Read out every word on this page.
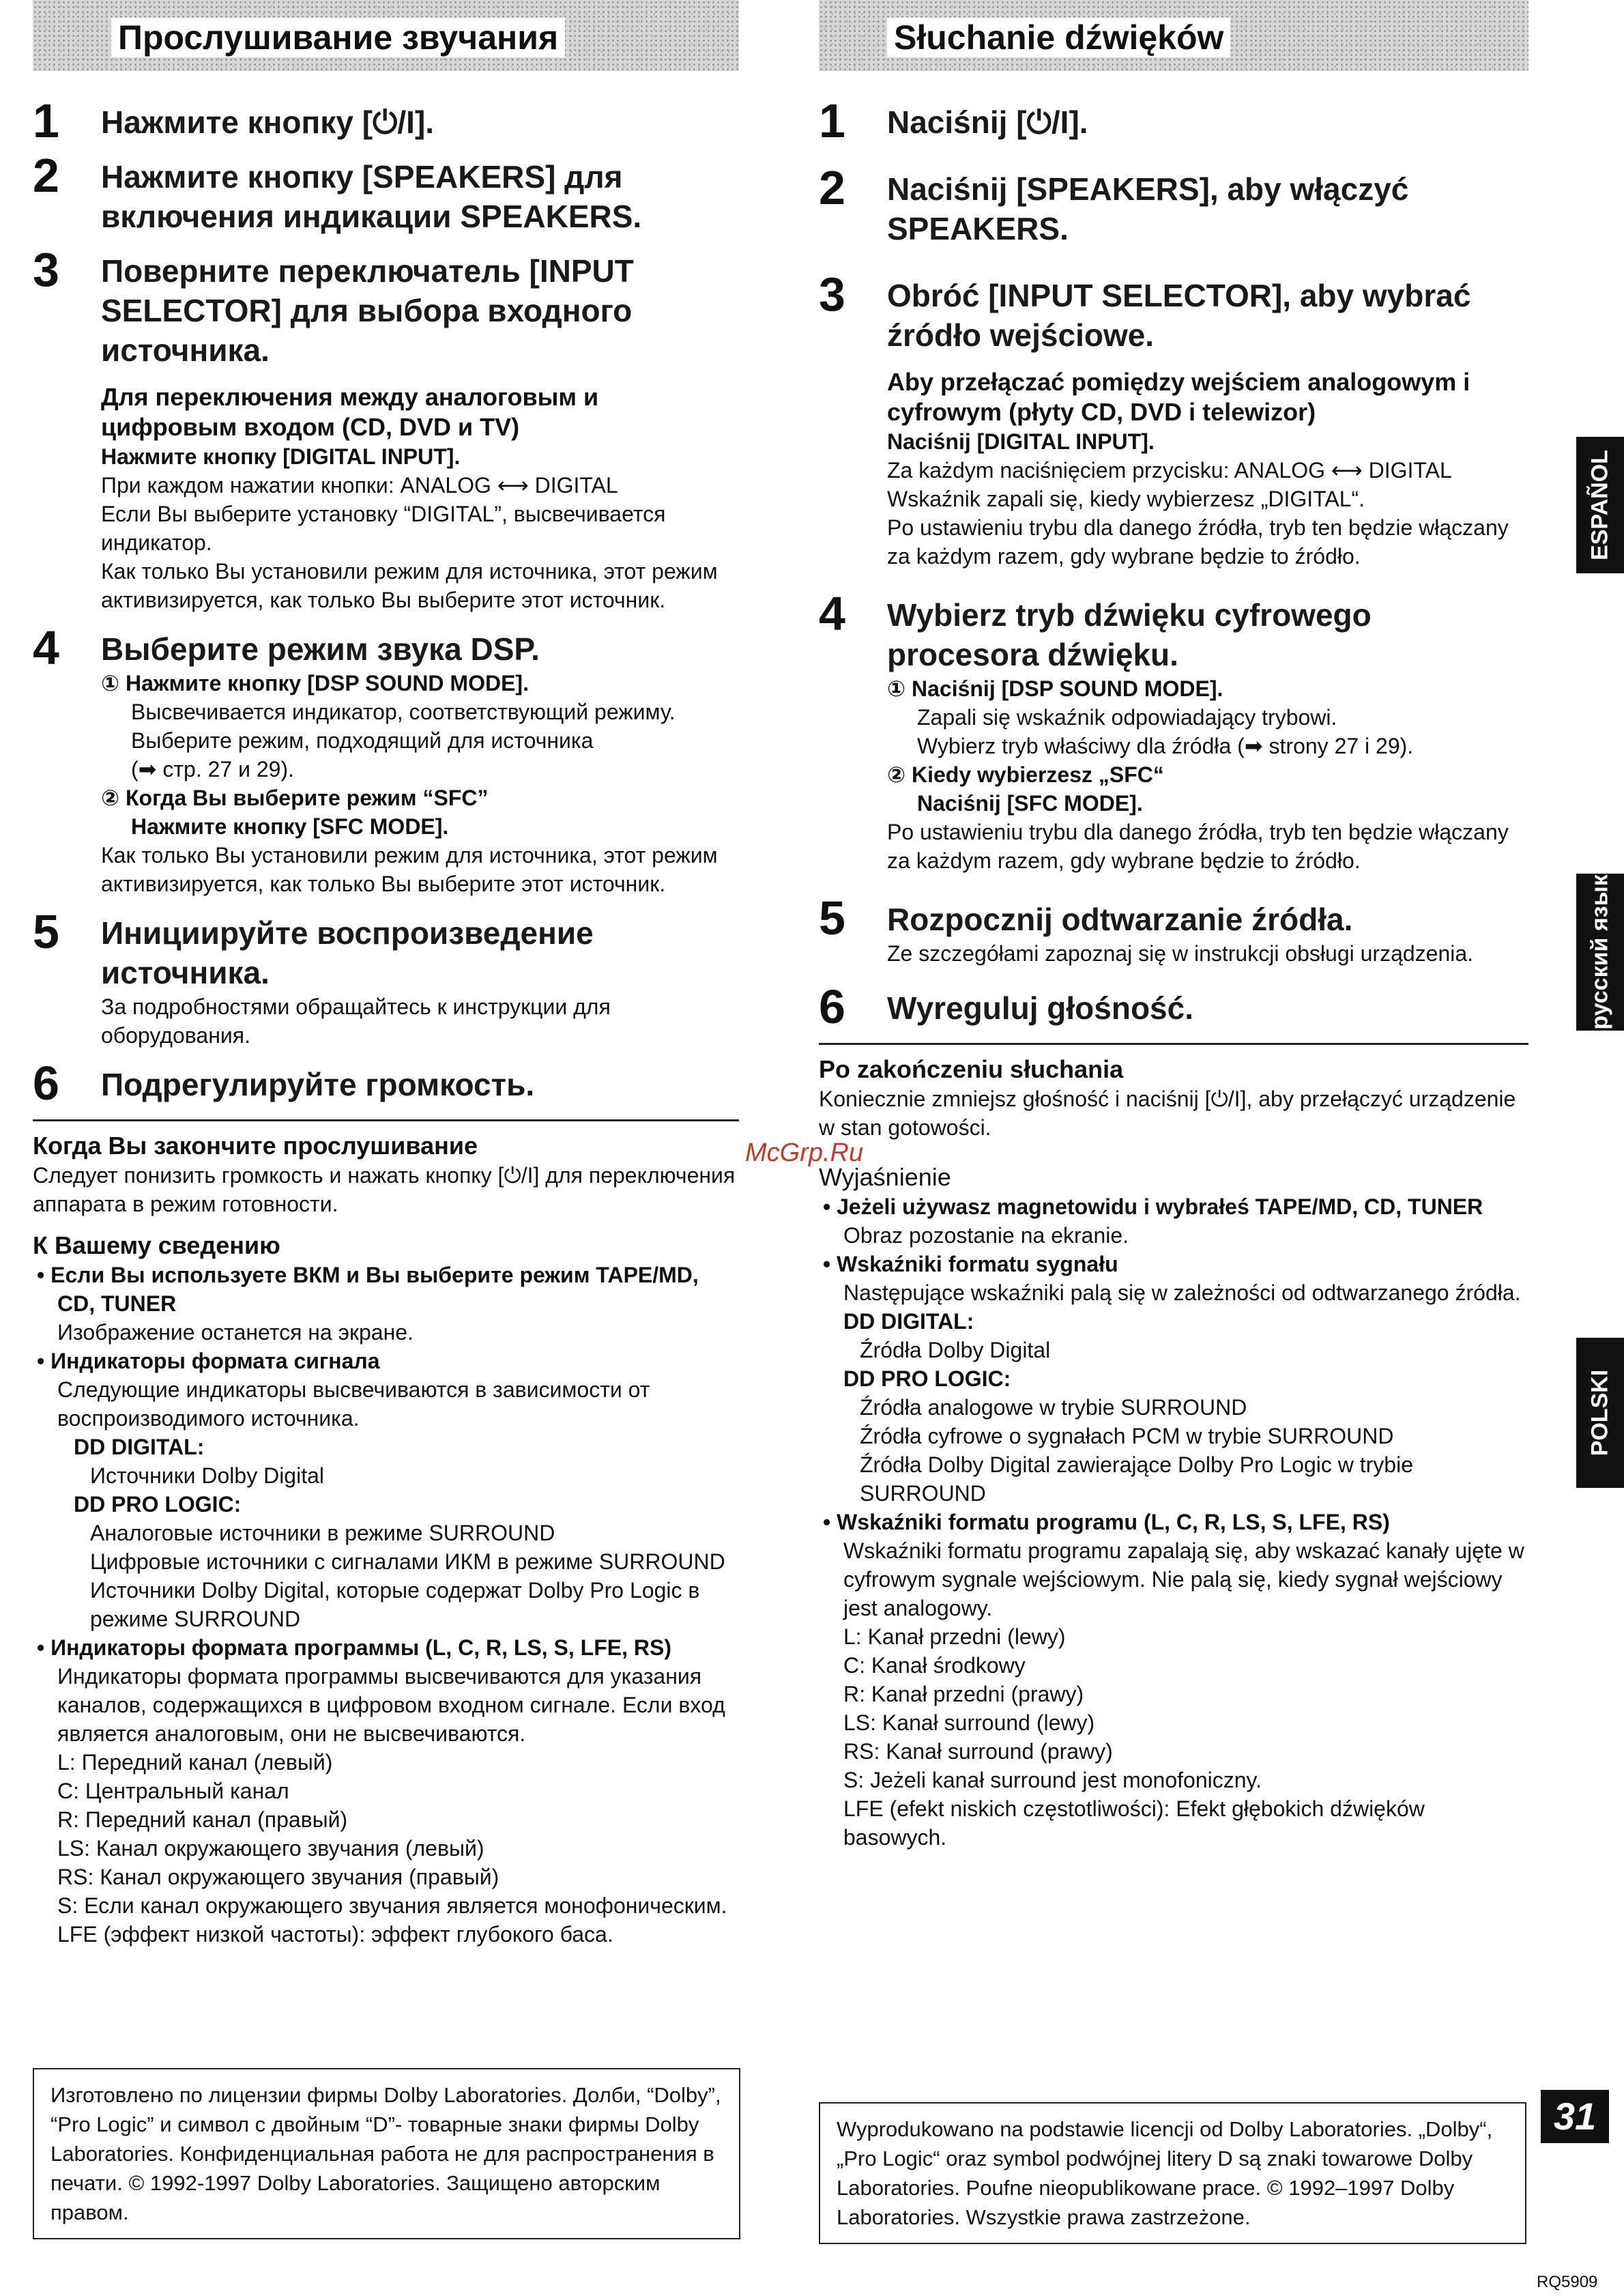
Прослушивание звучания
1 Нажмите кнопку [⏻/I].
2 Нажмите кнопку [SPEAKERS] для включения индикации SPEAKERS.
3 Поверните переключатель [INPUT SELECTOR] для выбора входного источника.
Для переключения между аналоговым и цифровым входом (CD, DVD и TV)
Нажмите кнопку [DIGITAL INPUT].
При каждом нажатии кнопки: ANALOG ⟷ DIGITAL
Если Вы выберите установку “DIGITAL”, высвечивается индикатор.
Как только Вы установили режим для источника, этот режим активизируется, как только Вы выберите этот источник.
4 Выберите режим звука DSP.
① Нажмите кнопку [DSP SOUND MODE].
Высвечивается индикатор, соответствующий режиму.
Выберите режим, подходящий для источника
(➡ стр. 27 и 29).
② Когда Вы выберите режим “SFC”
Нажмите кнопку [SFC MODE].
Как только Вы установили режим для источника, этот режим активизируется, как только Вы выберите этот источник.
5 Инициируйте воспроизведение источника.
За подробностями обращайтесь к инструкции для оборудования.
6 Подрегулируйте громкость.
Когда Вы закончите прослушивание
Следует понизить громкость и нажать кнопку [⏻/I] для переключения аппарата в режим готовности.
К Вашему сведению
• Если Вы используете ВКМ и Вы выберите режим TAPE/MD, CD, TUNER
Изображение останется на экране.
• Индикаторы формата сигнала
Следующие индикаторы высвечиваются в зависимости от воспроизводимого источника.
DD DIGITAL:
Источники Dolby Digital
DD PRO LOGIC:
Аналоговые источники в режиме SURROUND
Цифровые источники с сигналами ИКМ в режиме SURROUND
Источники Dolby Digital, которые содержат Dolby Pro Logic в режиме SURROUND
• Индикаторы формата программы (L, C, R, LS, S, LFE, RS)
Индикаторы формата программы высвечиваются для указания каналов, содержащихся в цифровом входном сигнале. Если вход является аналоговым, они не высвечиваются.
L: Передний канал (левый)
C: Центральный канал
R: Передний канал (правый)
LS: Канал окружающего звучания (левый)
RS: Канал окружающего звучания (правый)
S: Если канал окружающего звучания является монофоническим.
LFE (эффект низкой частоты): эффект глубокого баса.
Изготовлено по лицензии фирмы Dolby Laboratories. Долби, “Dolby”, “Pro Logic” и символ с двойным “D”- товарные знаки фирмы Dolby Laboratories. Конфиденциальная работа не для распространения в печати. © 1992-1997 Dolby Laboratories. Защищено авторским правом.
Słuchanie dźwięków
1 Naciśnij [⏻/I].
2 Naciśnij [SPEAKERS], aby włączyć SPEAKERS.
3 Obróć [INPUT SELECTOR], aby wybrać źródło wejściowe.
Aby przełączać pomiędzy wejściem analogowym i cyfrowym (płyty CD, DVD i telewizor)
Naciśnij [DIGITAL INPUT].
Za każdym naciśnięciem przycisku: ANALOG ⟷ DIGITAL
Wskaźnik zapali się, kiedy wybierzesz „DIGITAL“.
Po ustawieniu trybu dla danego źródła, tryb ten będzie włączany za każdym razem, gdy wybrane będzie to źródło.
4 Wybierz tryb dźwięku cyfrowego procesora dźwięku.
① Naciśnij [DSP SOUND MODE].
Zapali się wskaźnik odpowiadający trybowi.
Wybierz tryb właściwy dla źródła (➡ strony 27 i 29).
② Kiedy wybierzesz „SFC“
Naciśnij [SFC MODE].
Po ustawieniu trybu dla danego źródła, tryb ten będzie włączany za każdym razem, gdy wybrane będzie to źródło.
5 Rozpocznij odtwarzanie źródła.
Ze szczegółami zapoznaj się w instrukcji obsługi urządzenia.
6 Wyreguluj głośność.
Po zakończeniu słuchania
Koniecznie zmniejsz głośność i naciśnij [⏻/I], aby przełączyć urządzenie w stan gotowości.
Wyjaśnienie
• Jeżeli używasz magnetowidu i wybrałeś TAPE/MD, CD, TUNER
Obraz pozostanie na ekranie.
• Wskaźniki formatu sygnału
Następujące wskaźniki palą się w zależności od odtwarzanego źródła.
DD DIGITAL:
Źródła Dolby Digital
DD PRO LOGIC:
Źródła analogowe w trybie SURROUND
Źródła cyfrowe o sygnałach PCM w trybie SURROUND
Źródła Dolby Digital zawierające Dolby Pro Logic w trybie SURROUND
• Wskaźniki formatu programu (L, C, R, LS, S, LFE, RS)
Wskaźniki formatu programu zapalają się, aby wskazać kanały ujęte w cyfrowym sygnale wejściowym. Nie palą się, kiedy sygnał wejściowy jest analogowy.
L: Kanał przedni (lewy)
C: Kanał środkowy
R: Kanał przedni (prawy)
LS: Kanał surround (lewy)
RS: Kanał surround (prawy)
S: Jeżeli kanał surround jest monofoniczny.
LFE (efekt niskich częstotliwości): Efekt głębokich dźwięków basowych.
Wyprodukowano na podstawie licencji od Dolby Laboratories. „Dolby“, „Pro Logic“ oraz symbol podwójnej litery D są znaki towarowe Dolby Laboratories. Poufne nieopublikowane prace. © 1992–1997 Dolby Laboratories. Wszystkie prawa zastrzeżone.
ESPAÑOL
русский язык
POLSKI
McGrp.Ru
31
RQ5909
